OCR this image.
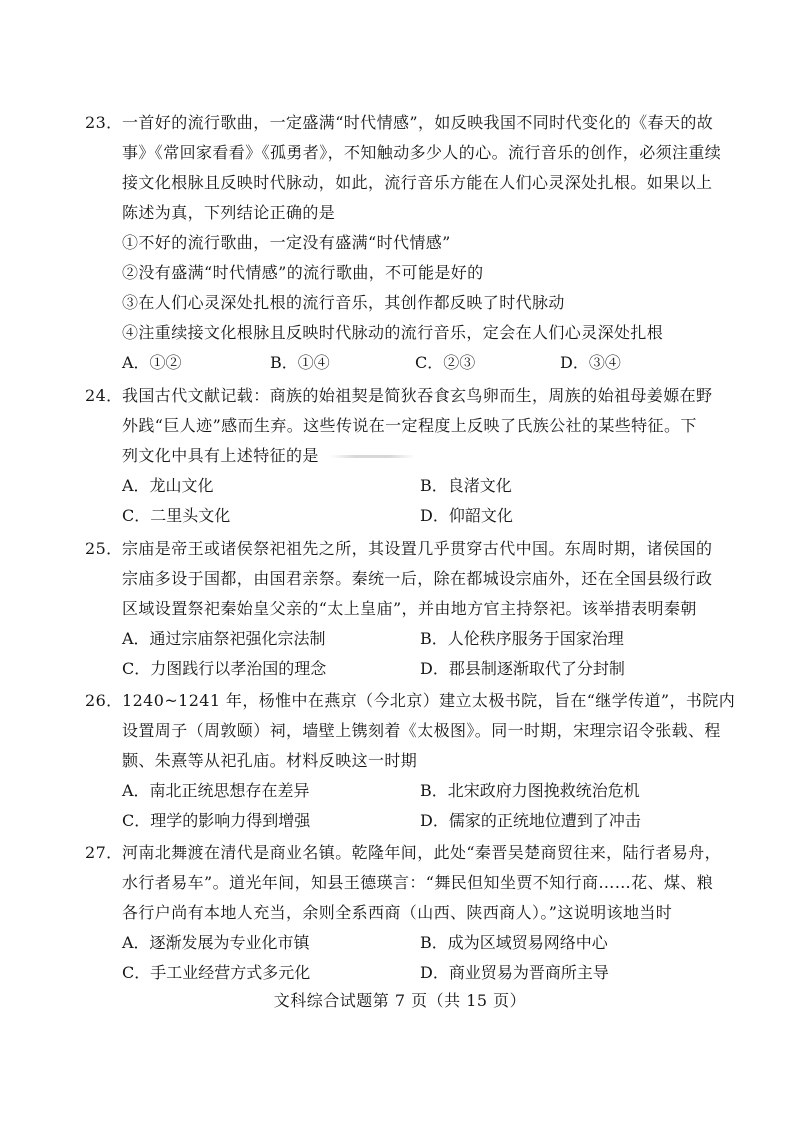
23．一首好的流行歌曲，一定盛满“时代情感”，如反映我国不同时代变化的《春天的故
事》《常回家看看》《孤勇者》，不知触动多少人的心。流行音乐的创作，必须注重续
接文化根脉且反映时代脉动，如此，流行音乐方能在人们心灵深处扎根。如果以上
陈述为真，下列结论正确的是
①不好的流行歌曲，一定没有盛满“时代情感”
②没有盛满“时代情感”的流行歌曲，不可能是好的
③在人们心灵深处扎根的流行音乐，其创作都反映了时代脉动
④注重续接文化根脉且反映时代脉动的流行音乐，定会在人们心灵深处扎根
A．①②	B．①④	C．②③	D．③④
24．我国古代文献记载：商族的始祖契是简狄吞食玄鸟卵而生，周族的始祖母姜嫄在野
外践“巨人迹”感而生弃。这些传说在一定程度上反映了氏族公社的某些特征。下
列文化中具有上述特征的是
A．龙山文化	B．良渚文化
C．二里头文化	D．仰韶文化
25．宗庙是帝王或诸侯祭祀祖先之所，其设置几乎贯穿古代中国。东周时期，诸侯国的
宗庙多设于国都，由国君亲祭。秦统一后，除在都城设宗庙外，还在全国县级行政
区域设置祭祀秦始皇父亲的“太上皇庙”，并由地方官主持祭祀。该举措表明秦朝
A．通过宗庙祭祀强化宗法制	B．人伦秩序服务于国家治理
C．力图践行以孝治国的理念	D．郡县制逐渐取代了分封制
26．1240~1241 年，杨惟中在燕京（今北京）建立太极书院，旨在“继学传道”，书院内
设置周子（周敦颐）祠，墙壁上镌刻着《太极图》。同一时期，宋理宗诏令张载、程
颢、朱熹等从祀孔庙。材料反映这一时期
A．南北正统思想存在差异	B．北宋政府力图挽救统治危机
C．理学的影响力得到增强	D．儒家的正统地位遭到了冲击
27．河南北舞渡在清代是商业名镇。乾隆年间，此处“秦晋吴楚商贸往来，陆行者易舟，
水行者易车”。道光年间，知县王德瑛言：“舞民但知坐贾不知行商……花、煤、粮
各行户尚有本地人充当，余则全系西商（山西、陕西商人）。”这说明该地当时
A．逐渐发展为专业化市镇	B．成为区域贸易网络中心
C．手工业经营方式多元化	D．商业贸易为晋商所主导
文科综合试题第 7 页（共 15 页）
